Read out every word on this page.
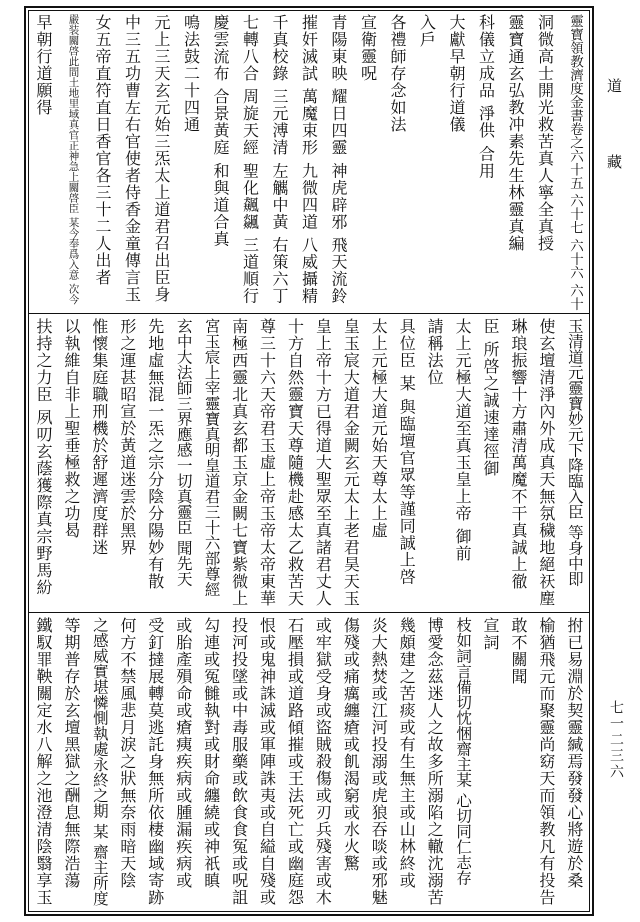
靈寶領教濟度金書卷之六十五 六十七 六十六 六十
洞微高士開光救苦真人寧全真授
靈寶通玄弘教冲素先生林靈真編
科儀立成品 淨供 合用
大獻早朝行道儀
入戶
各禮師存念如法
宣衛靈呪
青陽東映 耀日四靈 神虎辟邪 飛天流鈴
摧奸滅試 萬魔束形 九微四道 八威攝精
千真校錄 三元溥清 左觽中黃 右策六丁
七轉八合 周旋天經 聖化飆飊 三道順行
慶雲流布 合景黃庭 和與道合真
鳴法鼓二十四通
元上三天玄元始三炁太上道君召出臣身
中三五功曹左右官使者侍香金童傳言玉
女五帝直符直日香官各三十二人出者
嚴装關啓此間土地里域真官正神急上關啓臣 某今奉爲入意 次今
早朝行道願得
玉清道元靈寶妙元下降臨入臣 等身中即
使玄壇清淨內外成真天無氛穢地絕祆塵
琳琅振響十方肅清萬魔不干真誠上徹
臣 所啓之誠速達徑御
太上元極大道至真玉皇上帝 御前
請稱法位
具位臣 某 與臨壇官眾等謹同誠上啓
太上元極大道元始天尊太上虛
皇玉宸大道君金闕玄元太上老君昊天玉
皇上帝十方已得道大聖眾至真諸君丈人
十方自然靈寶天尊隨機赴感太乙救苦天
尊三十六天帝君玉虛上帝玉帝太帝東華
南極西靈北真玄都玉京金闕七寶紫微上
宮玉宸上宰靈寶真明皇道君三十六部尊經
玄中大法師三界應感一切真靈臣 聞先天
先地虛無混一炁之宗分陰分陽妙有散
形之運甚昭宣於黃道迷雲於黑界
惟懷集庭職刑機於舒遲濟度群迷
以執維自非上聖垂極救之功曷
扶持之力臣 夙叨玄蔭獲際真宗野馬紛
拊已易淵於契靈緘焉發發心將遊於桑
榆猶飛元而聚靈尚窈天而領教凡有投告
敢不關聞
宣詞
枝如詞言備切忱悃齋主某 心切同仁志存
博愛念茲迷人之故多所溺陷之轍沈溺苦
幾頗建之苦痰或有生無主或山林終或
炎大熱焚或江河投溺或虎狼吞啖或邪魅
傷殘或痛癘纏瘡或飢渴窮或水火驚
或牢獄受身或盜賊殺傷或刃兵殘害或木
石壓損或道路傾摧或王法死亡或幽庭怨
恨或鬼神誅滅或軍陣誅夷或自縊自殘或
投河投墜或中毒服藥或飲食食冤或呪詛
勾連或冤雠執對或財命纏繞或神祇瞋
或胎產殞命或瘡痍疾病或腫漏疾病或
受釘撻展轉莫逃託身無所依棲幽域寄跡
何方不禁風悲月淚之狀無奈雨暗天陰
之感威實堪憐惻執處永終之期 某 齋主所度
等期普存於玄壇黑獄之酬息無際浩蕩
鐵馭罪鞅關定水八解之池澄清陰翳享玉
道 藏
七一二三六
